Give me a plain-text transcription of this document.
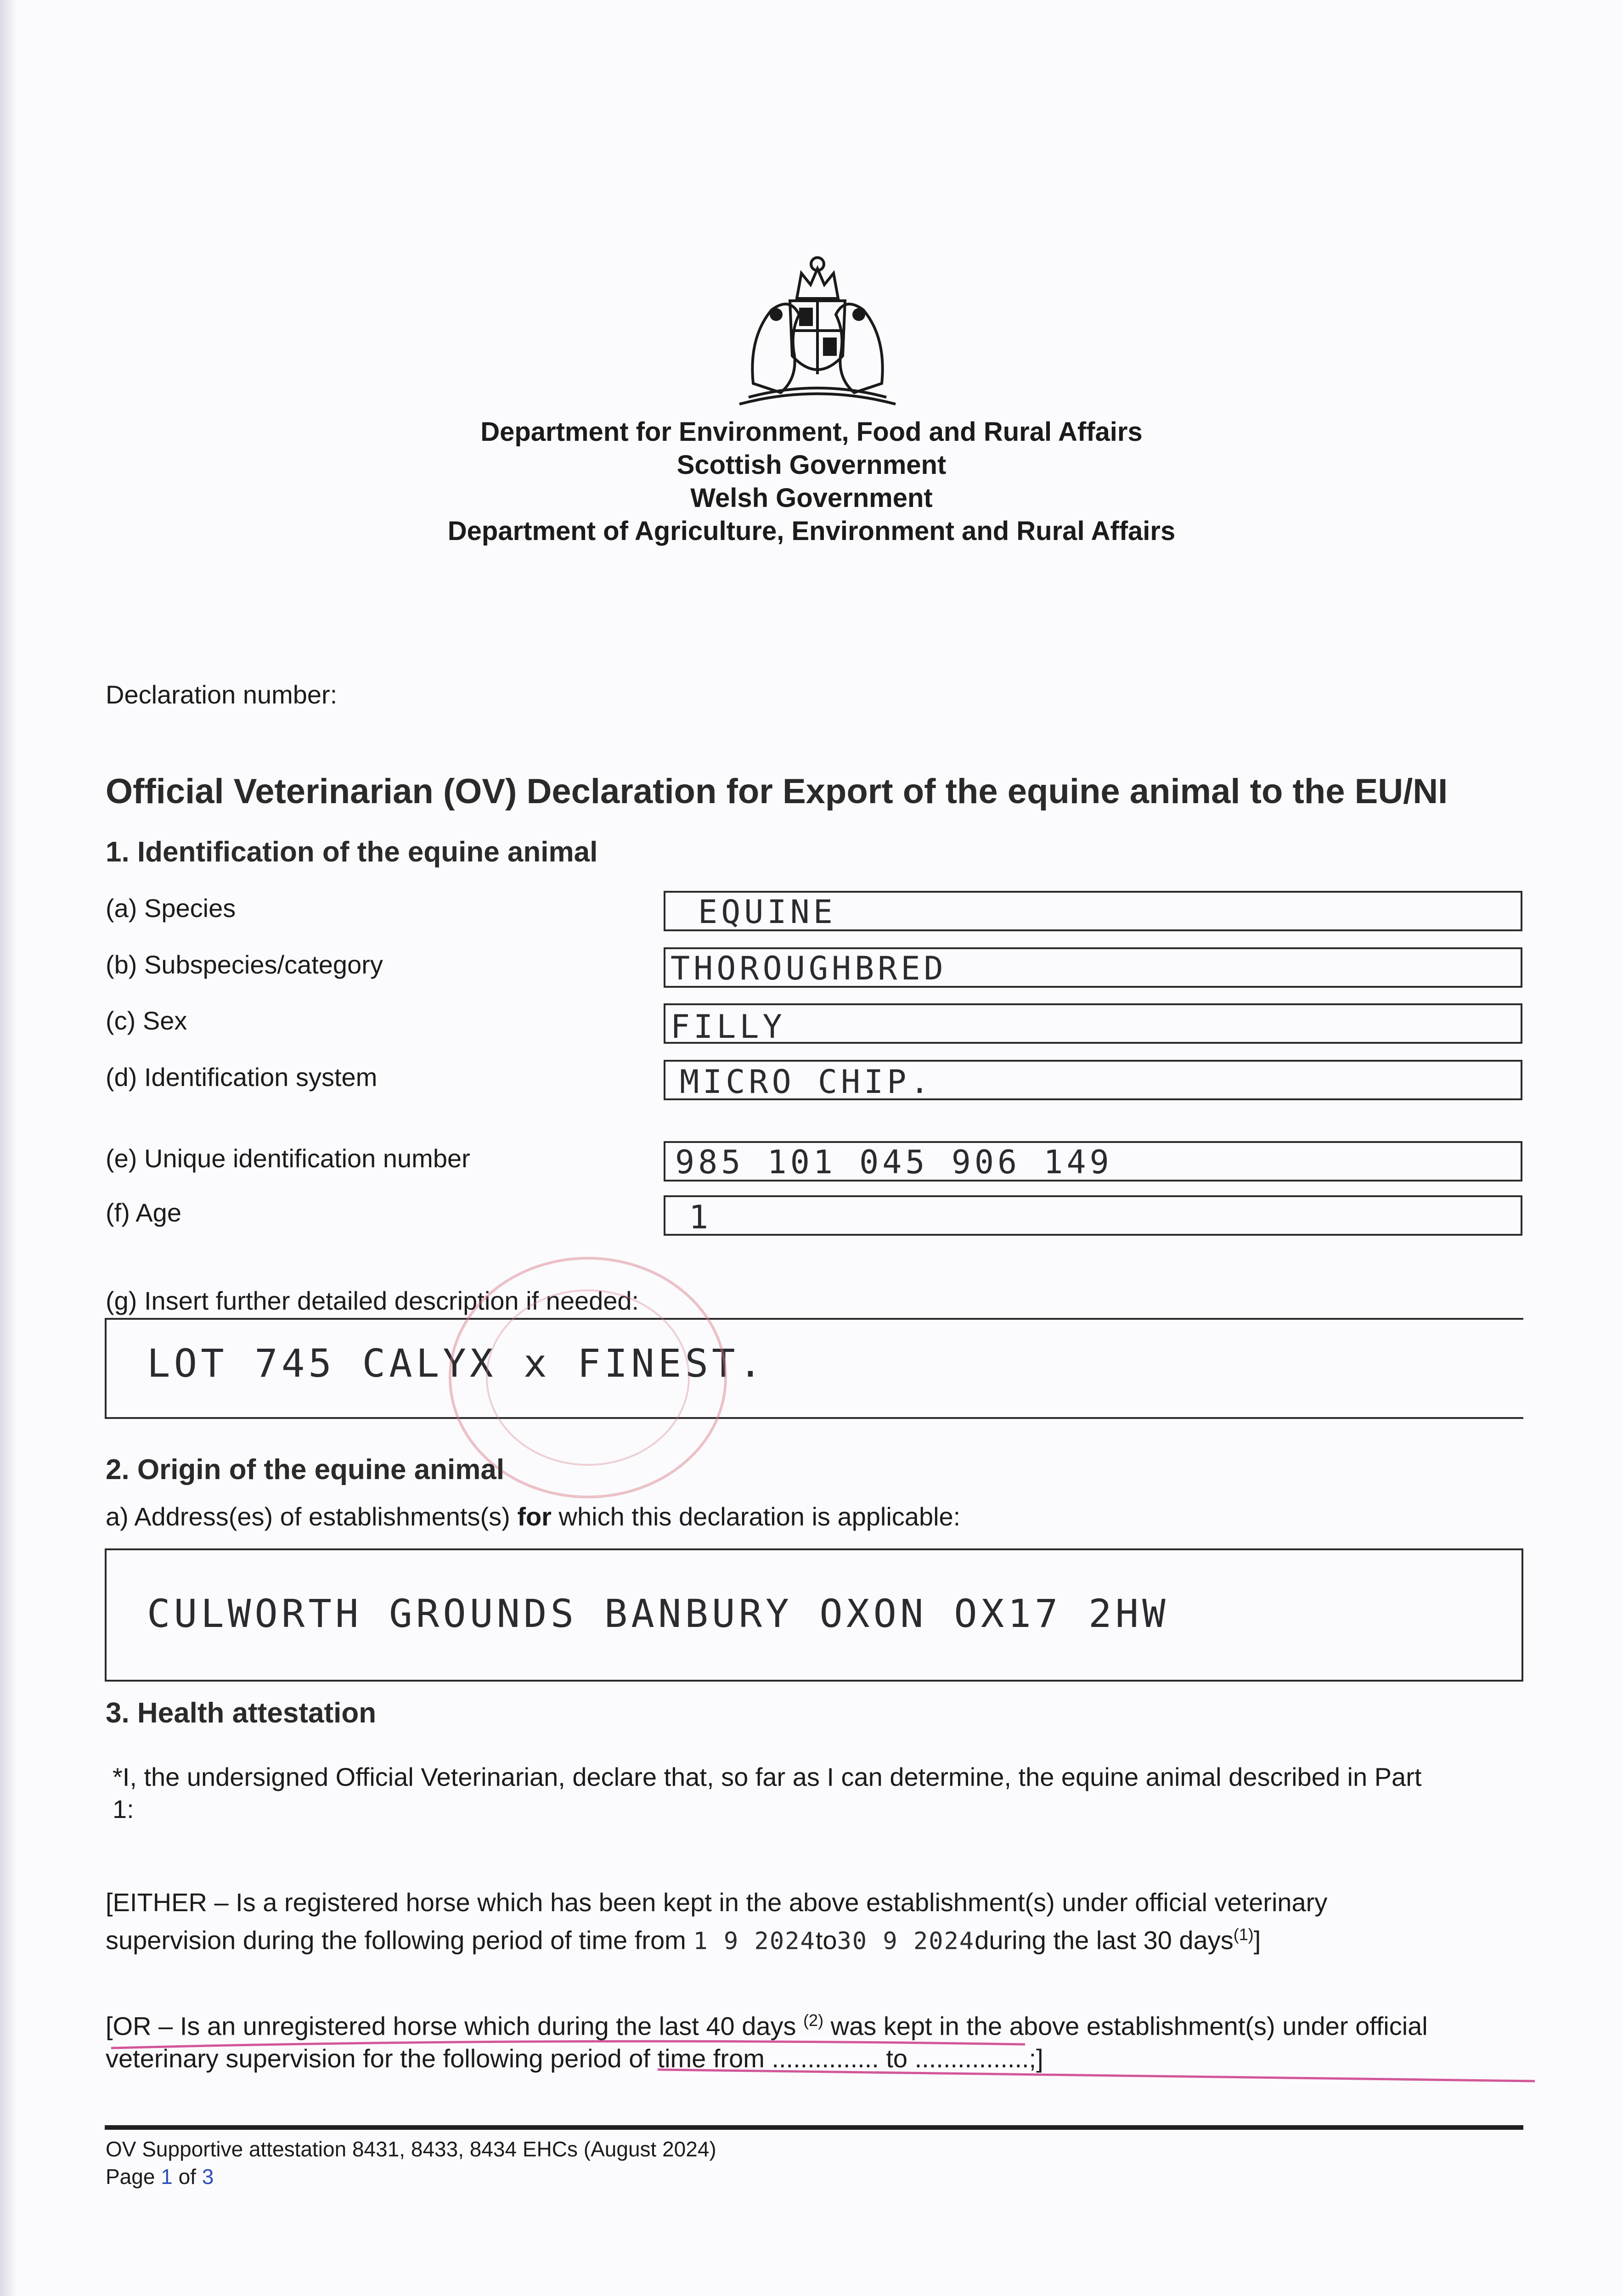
Department for Environment, Food and Rural Affairs
Scottish Government
Welsh Government
Department of Agriculture, Environment and Rural Affairs
Declaration number:
Official Veterinarian (OV) Declaration for Export of the equine animal to the EU/NI
1. Identification of the equine animal
(a) Species	EQUINE
(b) Subspecies/category	THOROUGHBRED
(c) Sex	FILLY
(d) Identification system	MICRO CHIP.
(e) Unique identification number	985 101 045 906 149
(f) Age	1
(g) Insert further detailed description if needed:
LOT 745 CALYX x FINEST.
2. Origin of the equine animal
a) Address(es) of establishments(s) for which this declaration is applicable:
CULWORTH GROUNDS BANBURY OXON OX17 2HW
3. Health attestation
*I, the undersigned Official Veterinarian, declare that, so far as I can determine, the equine animal described in Part
1:
[EITHER – Is a registered horse which has been kept in the above establishment(s) under official veterinary
supervision during the following period of time from 1 9 2024to30 9 2024during the last 30 days$^{(1)}$]
[OR – Is an unregistered horse which during the last 40 days $^{(2)}$ was kept in the above establishment(s) under official
veterinary supervision for the following period of time from ............... to ................;]
OV Supportive attestation 8431, 8433, 8434 EHCs (August 2024)
Page 1 of 3
